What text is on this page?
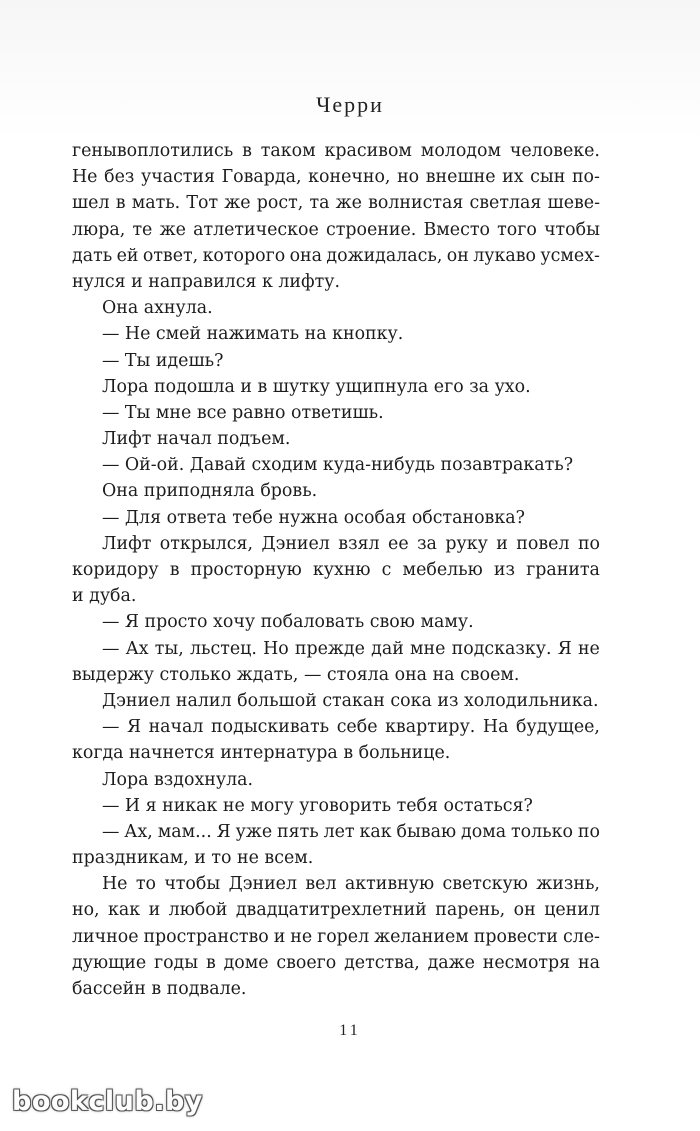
Черри
генывоплотились в таком красивом молодом человеке.
Не без участия Говарда, конечно, но внешне их сын по-
шел в мать. Тот же рост, та же волнистая светлая шеве-
люра, те же атлетическое строение. Вместо того чтобы
дать ей ответ, которого она дожидалась, он лукаво усмех-
нулся и направился к лифту.
Она ахнула.
— Не смей нажимать на кнопку.
— Ты идешь?
Лора подошла и в шутку ущипнула его за ухо.
— Ты мне все равно ответишь.
Лифт начал подъем.
— Ой-ой. Давай сходим куда-нибудь позавтракать?
Она приподняла бровь.
— Для ответа тебе нужна особая обстановка?
Лифт открылся, Дэниел взял ее за руку и повел по
коридору в просторную кухню с мебелью из гранита
и дуба.
— Я просто хочу побаловать свою маму.
— Ах ты, льстец. Но прежде дай мне подсказку. Я не
выдержу столько ждать, — стояла она на своем.
Дэниел налил большой стакан сока из холодильника.
— Я начал подыскивать себе квартиру. На будущее,
когда начнется интернатура в больнице.
Лора вздохнула.
— И я никак не могу уговорить тебя остаться?
— Ах, мам... Я уже пять лет как бываю дома только по
праздникам, и то не всем.
Не то чтобы Дэниел вел активную светскую жизнь,
но, как и любой двадцатитрехлетний парень, он ценил
личное пространство и не горел желанием провести сле-
дующие годы в доме своего детства, даже несмотря на
бассейн в подвале.
11
bookclub.by
